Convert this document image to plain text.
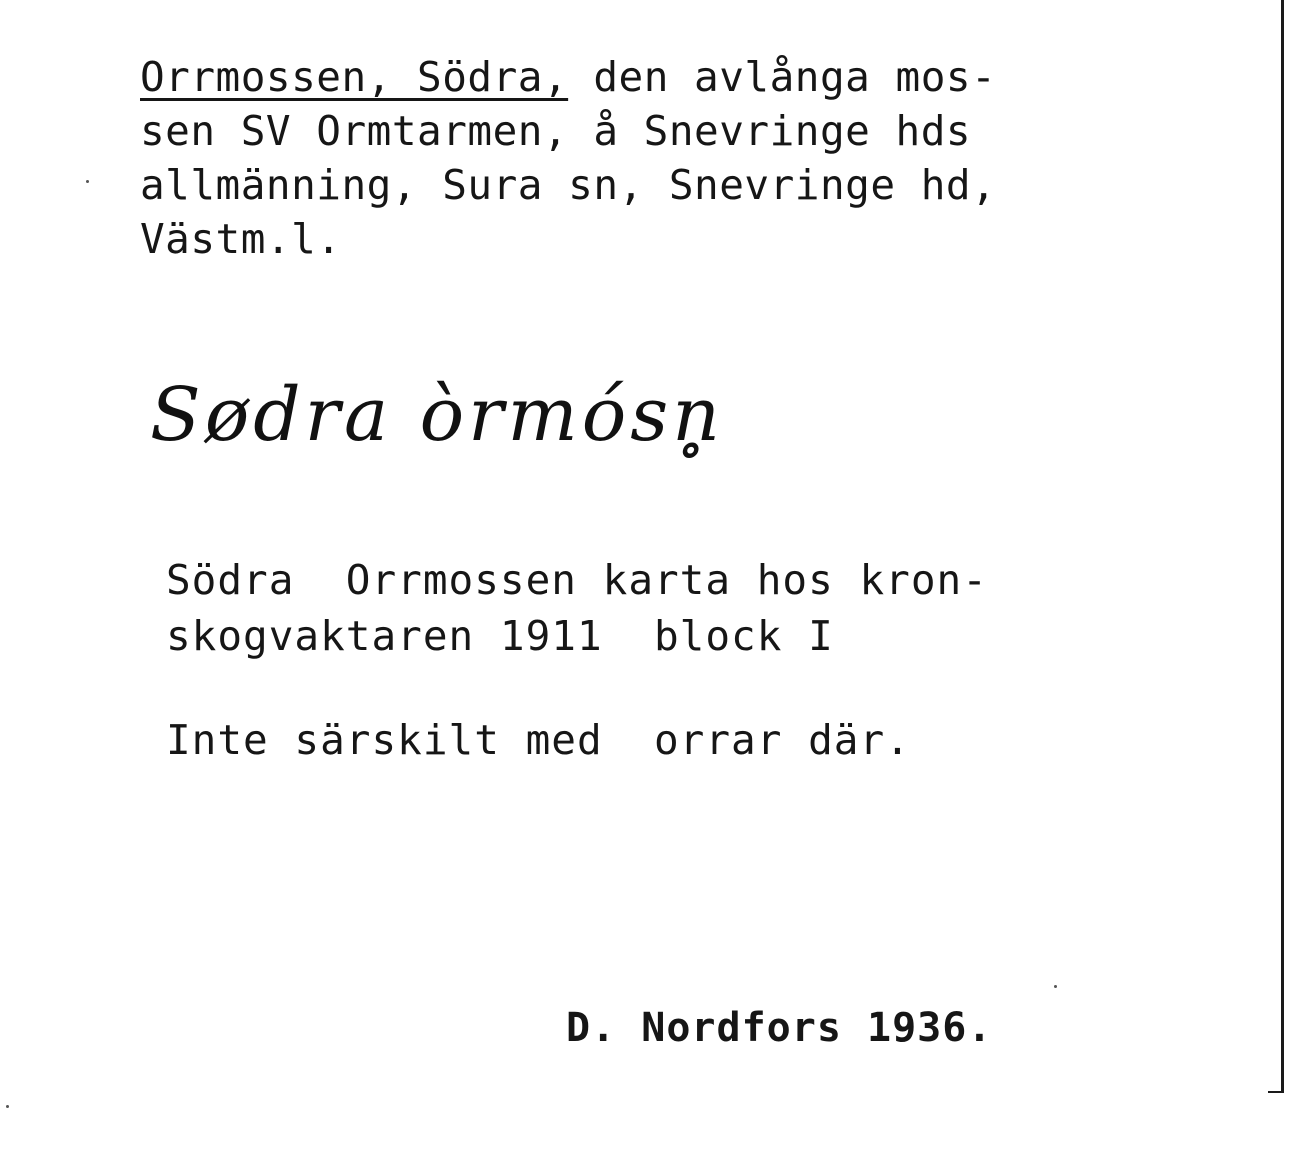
Orrmossen, Södra, den avlånga mos-
sen SV Ormtarmen, å Snevringe hds
allmänning, Sura sn, Snevringe hd,
Västm.l.
Sødra òrmósn̥
Södra  Orrmossen karta hos kron-
skogvaktaren 1911  block I
Inte särskilt med  orrar där.
D. Nordfors 1936.
